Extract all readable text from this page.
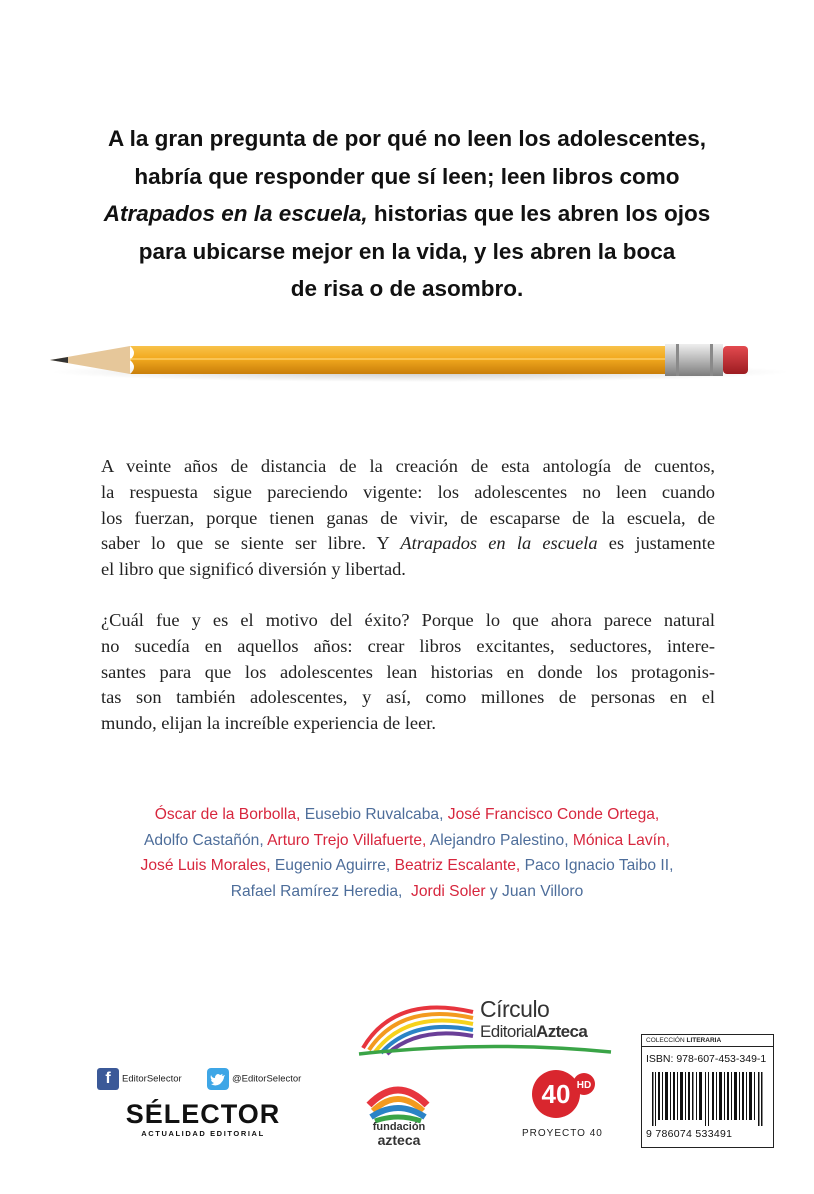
A la gran pregunta de por qué no leen los adolescentes,

habría que responder que sí leen; leen libros como

Atrapados en la escuela, historias que les abren los ojos

para ubicarse mejor en la vida, y les abren la boca

de risa o de asombro.

A veinte años de distancia de la creación de esta antología de cuentos,
la respuesta sigue pareciendo vigente: los adolescentes no leen cuando
los fuerzan, porque tienen ganas de vivir, de escaparse de la escuela, de
saber lo que se siente ser libre. Y Atrapados en la escuela es justamente
el libro que significó diversión y libertad.

¿Cuál fue y es el motivo del éxito? Porque lo que ahora parece natural
no sucedía en aquellos años: crear libros excitantes, seductores, intere-
santes para que los adolescentes lean historias en donde los protagonis-
tas son también adolescentes, y así, como millones de personas en el
mundo, elijan la increíble experiencia de leer.

Óscar de la Borbolla, Eusebio Ruvalcaba, José Francisco Conde Ortega,
Adolfo Castañón, Arturo Trejo Villafuerte, Alejandro Palestino, Mónica Lavín,
José Luis Morales, Eugenio Aguirre, Beatriz Escalante, Paco Ignacio Taibo II,
Rafael Ramírez Heredia, Jordi Soler y Juan Villoro
Círculo
EditorialAzteca	COLECCIÓN LITERARIA
ISBN: 978-607-453-349-1
9 786074 533491
f EditorSelector	@EditorSelector
SÉLECTOR
ACTUALIDAD EDITORIAL
fundación
azteca
40 HD
PROYECTO 40
